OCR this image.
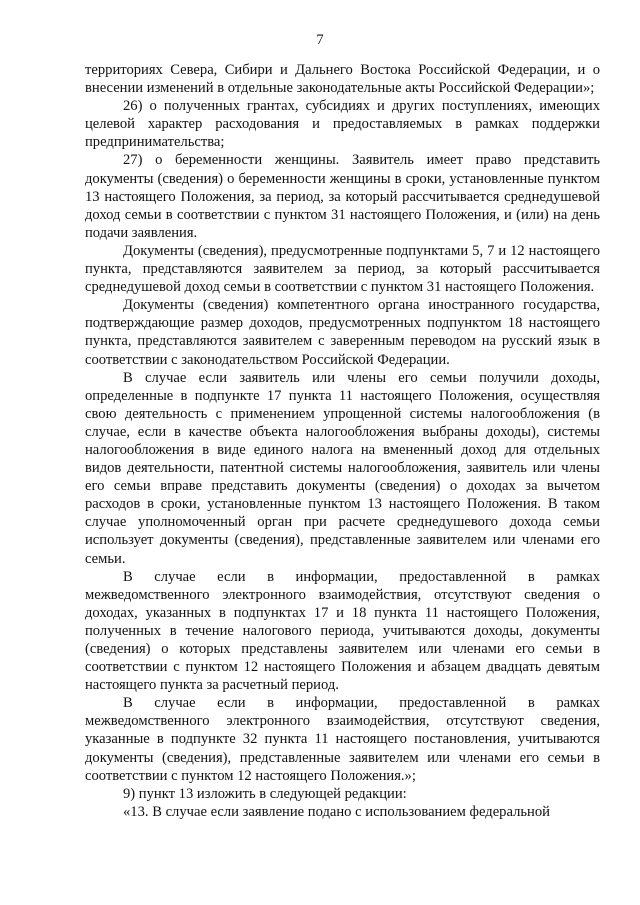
7

территориях Севера, Сибири и Дальнего Востока Российской Федерации, и о внесении изменений в отдельные законодательные акты Российской Федерации»;

26) о полученных грантах, субсидиях и других поступлениях, имеющих целевой характер расходования и предоставляемых в рамках поддержки предпринимательства;

27) о беременности женщины. Заявитель имеет право представить документы (сведения) о беременности женщины в сроки, установленные пунктом 13 настоящего Положения, за период, за который рассчитывается среднедушевой доход семьи в соответствии с пунктом 31 настоящего Положения, и (или) на день подачи заявления.

Документы (сведения), предусмотренные подпунктами 5, 7 и 12 настоящего пункта, представляются заявителем за период, за который рассчитывается среднедушевой доход семьи в соответствии с пунктом 31 настоящего Положения.

Документы (сведения) компетентного органа иностранного государства, подтверждающие размер доходов, предусмотренных подпунктом 18 настоящего пункта, представляются заявителем с заверенным переводом на русский язык в соответствии с законодательством Российской Федерации.

В случае если заявитель или члены его семьи получили доходы, определенные в подпункте 17 пункта 11 настоящего Положения, осуществляя свою деятельность с применением упрощенной системы налогообложения (в случае, если в качестве объекта налогообложения выбраны доходы), системы налогообложения в виде единого налога на вмененный доход для отдельных видов деятельности, патентной системы налогообложения, заявитель или члены его семьи вправе представить документы (сведения) о доходах за вычетом расходов в сроки, установленные пунктом 13 настоящего Положения. В таком случае уполномоченный орган при расчете среднедушевого дохода семьи использует документы (сведения), представленные заявителем или членами его семьи.

В случае если в информации, предоставленной в рамках межведомственного электронного взаимодействия, отсутствуют сведения о доходах, указанных в подпунктах 17 и 18 пункта 11 настоящего Положения, полученных в течение налогового периода, учитываются доходы, документы (сведения) о которых представлены заявителем или членами его семьи в соответствии с пунктом 12 настоящего Положения и абзацем двадцать девятым настоящего пункта за расчетный период.

В случае если в информации, предоставленной в рамках межведомственного электронного взаимодействия, отсутствуют сведения, указанные в подпункте 32 пункта 11 настоящего постановления, учитываются документы (сведения), представленные заявителем или членами его семьи в соответствии с пунктом 12 настоящего Положения.»;

9) пункт 13 изложить в следующей редакции:

«13. В случае если заявление подано с использованием федеральной
